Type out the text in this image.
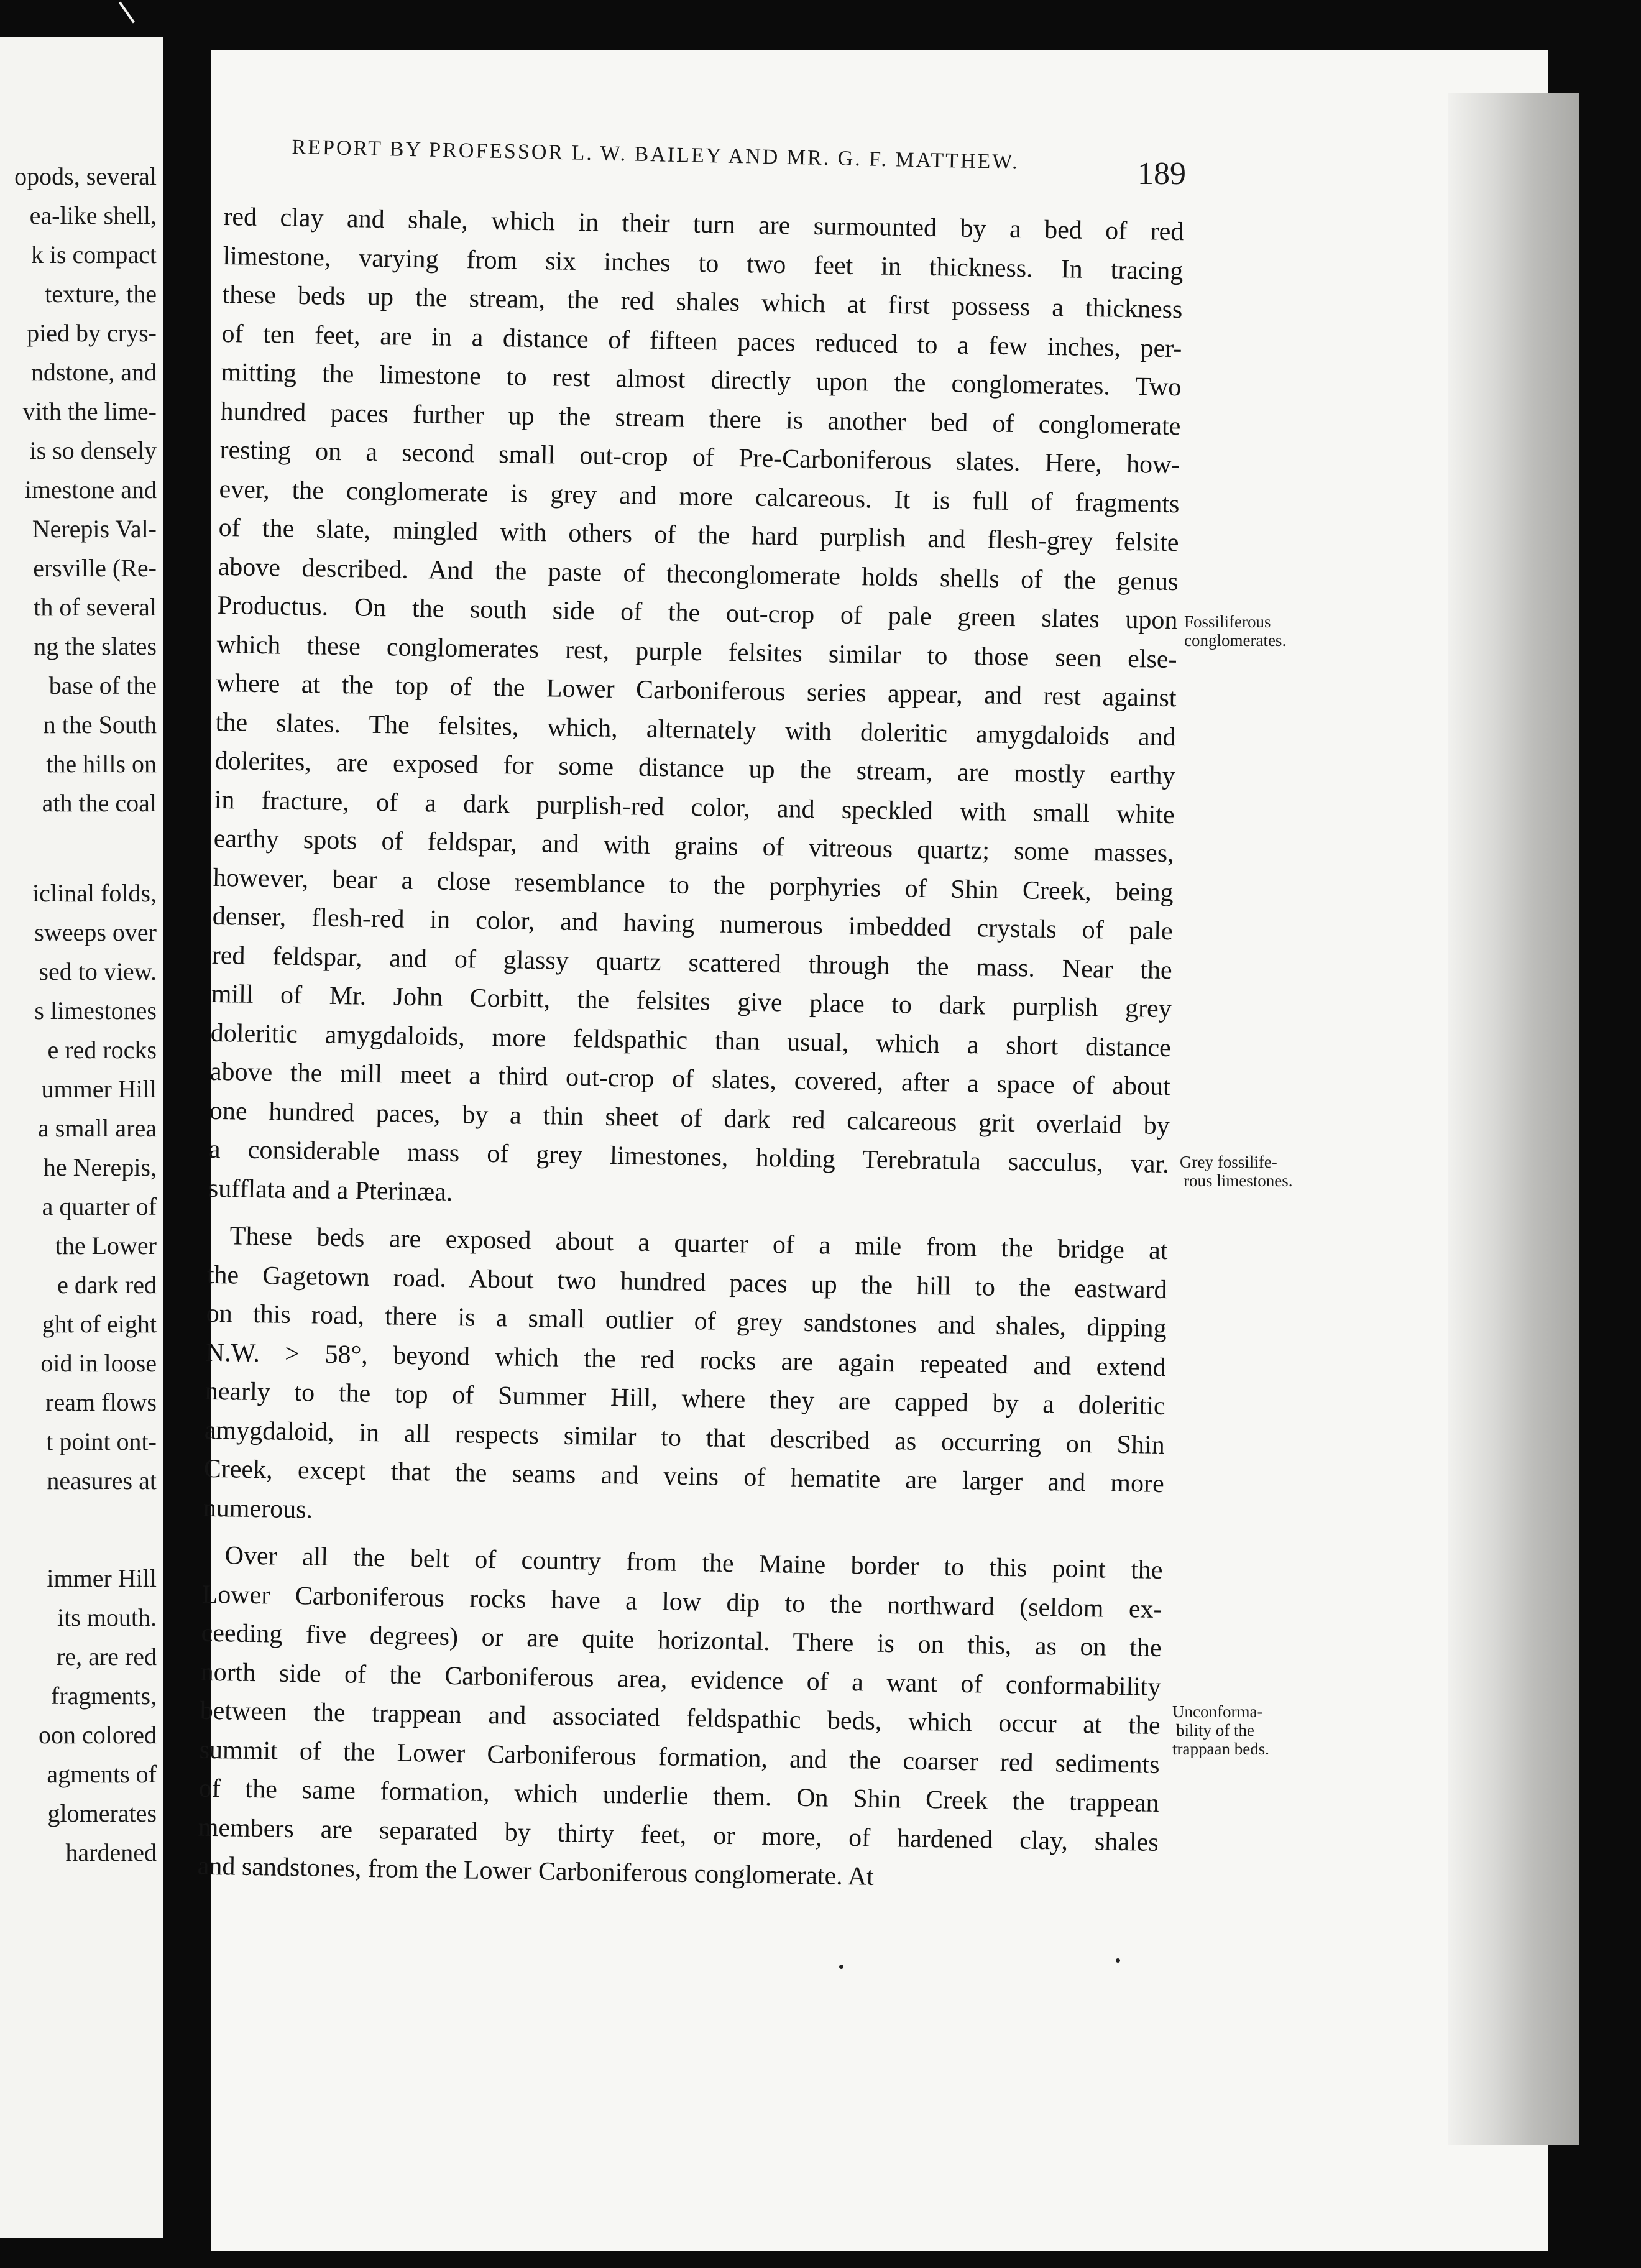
opods, several
ea-like shell,
k is compact
texture, the
pied by crys-
ndstone, and
vith the lime-
is so densely
imestone and
Nerepis Val-
ersville (Re-
th of several
ng the slates
base of the
n the South
the hills on
ath the coal
iclinal folds,
sweeps over
sed to view.
s limestones
e red rocks
ummer Hill
a small area
he Nerepis,
a quarter of
the Lower
e dark red
ght of eight
oid in loose
ream flows
t point ont-
neasures at
immer Hill
its mouth.
re, are red
fragments,
oon colored
agments of
glomerates
hardened
REPORT BY PROFESSOR L. W. BAILEY AND MR. G. F. MATTHEW.	189
red clay and shale, which in their turn are surmounted by a bed of red
limestone, varying from six inches to two feet in thickness. In tracing
these beds up the stream, the red shales which at first possess a thickness
of ten feet, are in a distance of fifteen paces reduced to a few inches, per-
mitting the limestone to rest almost directly upon the conglomerates. Two
hundred paces further up the stream there is another bed of conglomerate
resting on a second small out-crop of Pre-Carboniferous slates. Here, how-
ever, the conglomerate is grey and more calcareous. It is full of fragments
of the slate, mingled with others of the hard purplish and flesh-grey felsite
above described. And the paste of theconglomerate holds shells of the genus
Productus. On the south side of the out-crop of pale green slates upon
which these conglomerates rest, purple felsites similar to those seen else-
where at the top of the Lower Carboniferous series appear, and rest against
the slates. The felsites, which, alternately with doleritic amygdaloids and
dolerites, are exposed for some distance up the stream, are mostly earthy
in fracture, of a dark purplish-red color, and speckled with small white
earthy spots of feldspar, and with grains of vitreous quartz; some masses,
however, bear a close resemblance to the porphyries of Shin Creek, being
denser, flesh-red in color, and having numerous imbedded crystals of pale
red feldspar, and of glassy quartz scattered through the mass. Near the
mill of Mr. John Corbitt, the felsites give place to dark purplish grey
doleritic amygdaloids, more feldspathic than usual, which a short distance
above the mill meet a third out-crop of slates, covered, after a space of about
one hundred paces, by a thin sheet of dark red calcareous grit overlaid by
a considerable mass of grey limestones, holding Terebratula sacculus, var.
sufflata and a Pterinæa.
These beds are exposed about a quarter of a mile from the bridge at
the Gagetown road. About two hundred paces up the hill to the eastward
on this road, there is a small outlier of grey sandstones and shales, dipping
N.W. > 58°, beyond which the red rocks are again repeated and extend
nearly to the top of Summer Hill, where they are capped by a doleritic
amygdaloid, in all respects similar to that described as occurring on Shin
Creek, except that the seams and veins of hematite are larger and more
numerous.
Over all the belt of country from the Maine border to this point the
Lower Carboniferous rocks have a low dip to the northward (seldom ex-
ceeding five degrees) or are quite horizontal. There is on this, as on the
north side of the Carboniferous area, evidence of a want of conformability
between the trappean and associated feldspathic beds, which occur at the
summit of the Lower Carboniferous formation, and the coarser red sediments
of the same formation, which underlie them. On Shin Creek the trappean
members are separated by thirty feet, or more, of hardened clay, shales
and sandstones, from the Lower Carboniferous conglomerate. At
Fossiliferous
conglomerates.
Grey fossilife-
rous limestones.
Unconforma-
bility of the
trappaan beds.
